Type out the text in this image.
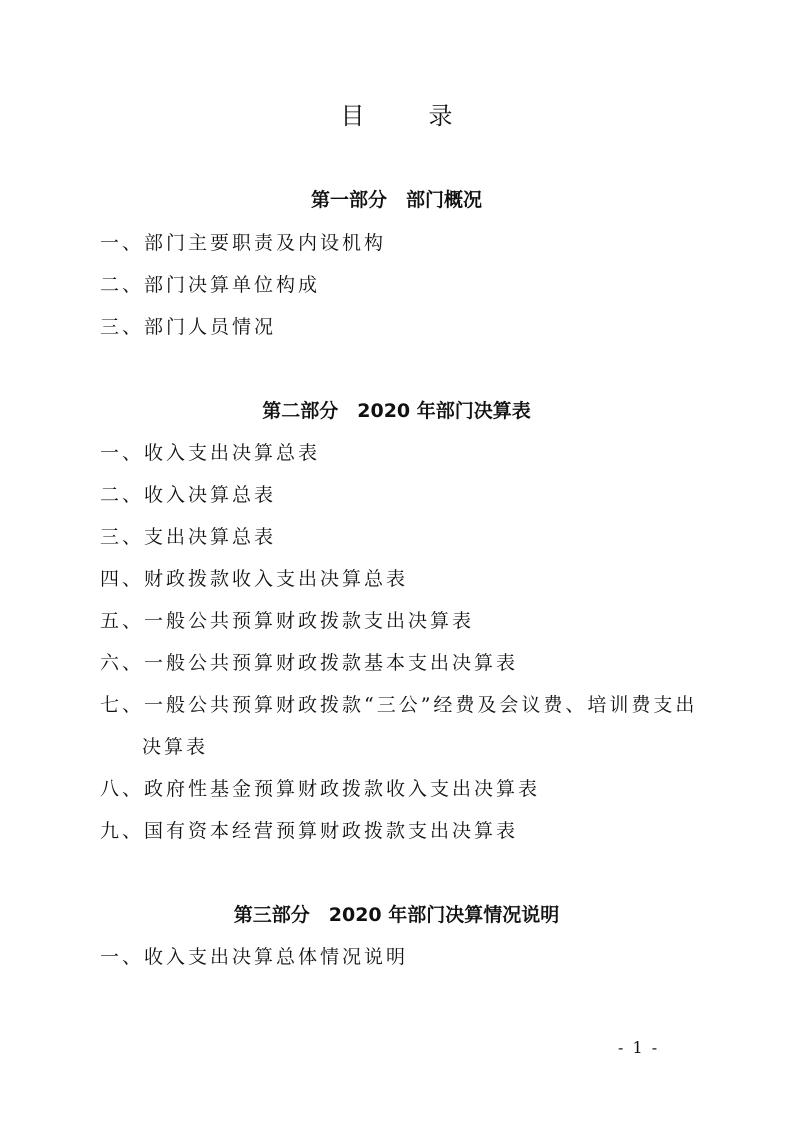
目　录
第一部分　部门概况
一、部门主要职责及内设机构
二、部门决算单位构成
三、部门人员情况
第二部分　2020 年部门决算表
一、收入支出决算总表
二、收入决算总表
三、支出决算总表
四、财政拨款收入支出决算总表
五、一般公共预算财政拨款支出决算表
六、一般公共预算财政拨款基本支出决算表
七、一般公共预算财政拨款“三公”经费及会议费、培训费支出
决算表
八、政府性基金预算财政拨款收入支出决算表
九、国有资本经营预算财政拨款支出决算表
第三部分　2020 年部门决算情况说明
一、收入支出决算总体情况说明
- 1 -
